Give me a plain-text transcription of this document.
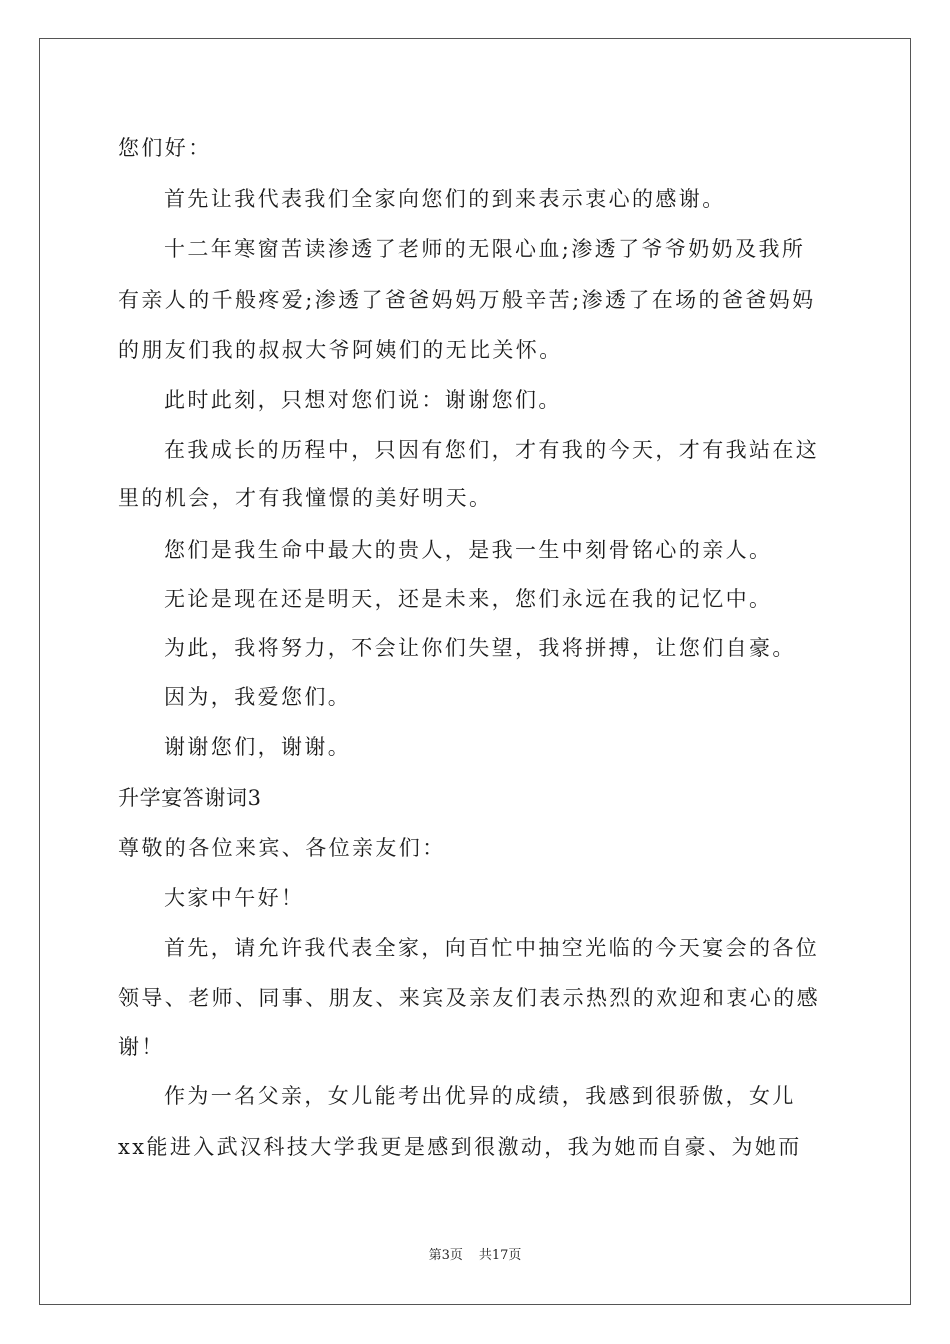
您们好：
首先让我代表我们全家向您们的到来表示衷心的感谢。
十二年寒窗苦读渗透了老师的无限心血;渗透了爷爷奶奶及我所
有亲人的千般疼爱;渗透了爸爸妈妈万般辛苦;渗透了在场的爸爸妈妈
的朋友们我的叔叔大爷阿姨们的无比关怀。
此时此刻，只想对您们说：谢谢您们。
在我成长的历程中，只因有您们，才有我的今天，才有我站在这
里的机会，才有我憧憬的美好明天。
您们是我生命中最大的贵人，是我一生中刻骨铭心的亲人。
无论是现在还是明天，还是未来，您们永远在我的记忆中。
为此，我将努力，不会让你们失望，我将拼搏，让您们自豪。
因为，我爱您们。
谢谢您们，谢谢。
升学宴答谢词3
尊敬的各位来宾、各位亲友们：
大家中午好！
首先，请允许我代表全家，向百忙中抽空光临的今天宴会的各位
领导、老师、同事、朋友、来宾及亲友们表示热烈的欢迎和衷心的感
谢！
作为一名父亲，女儿能考出优异的成绩，我感到很骄傲，女儿
xx能进入武汉科技大学我更是感到很激动，我为她而自豪、为她而
第3页 共17页
